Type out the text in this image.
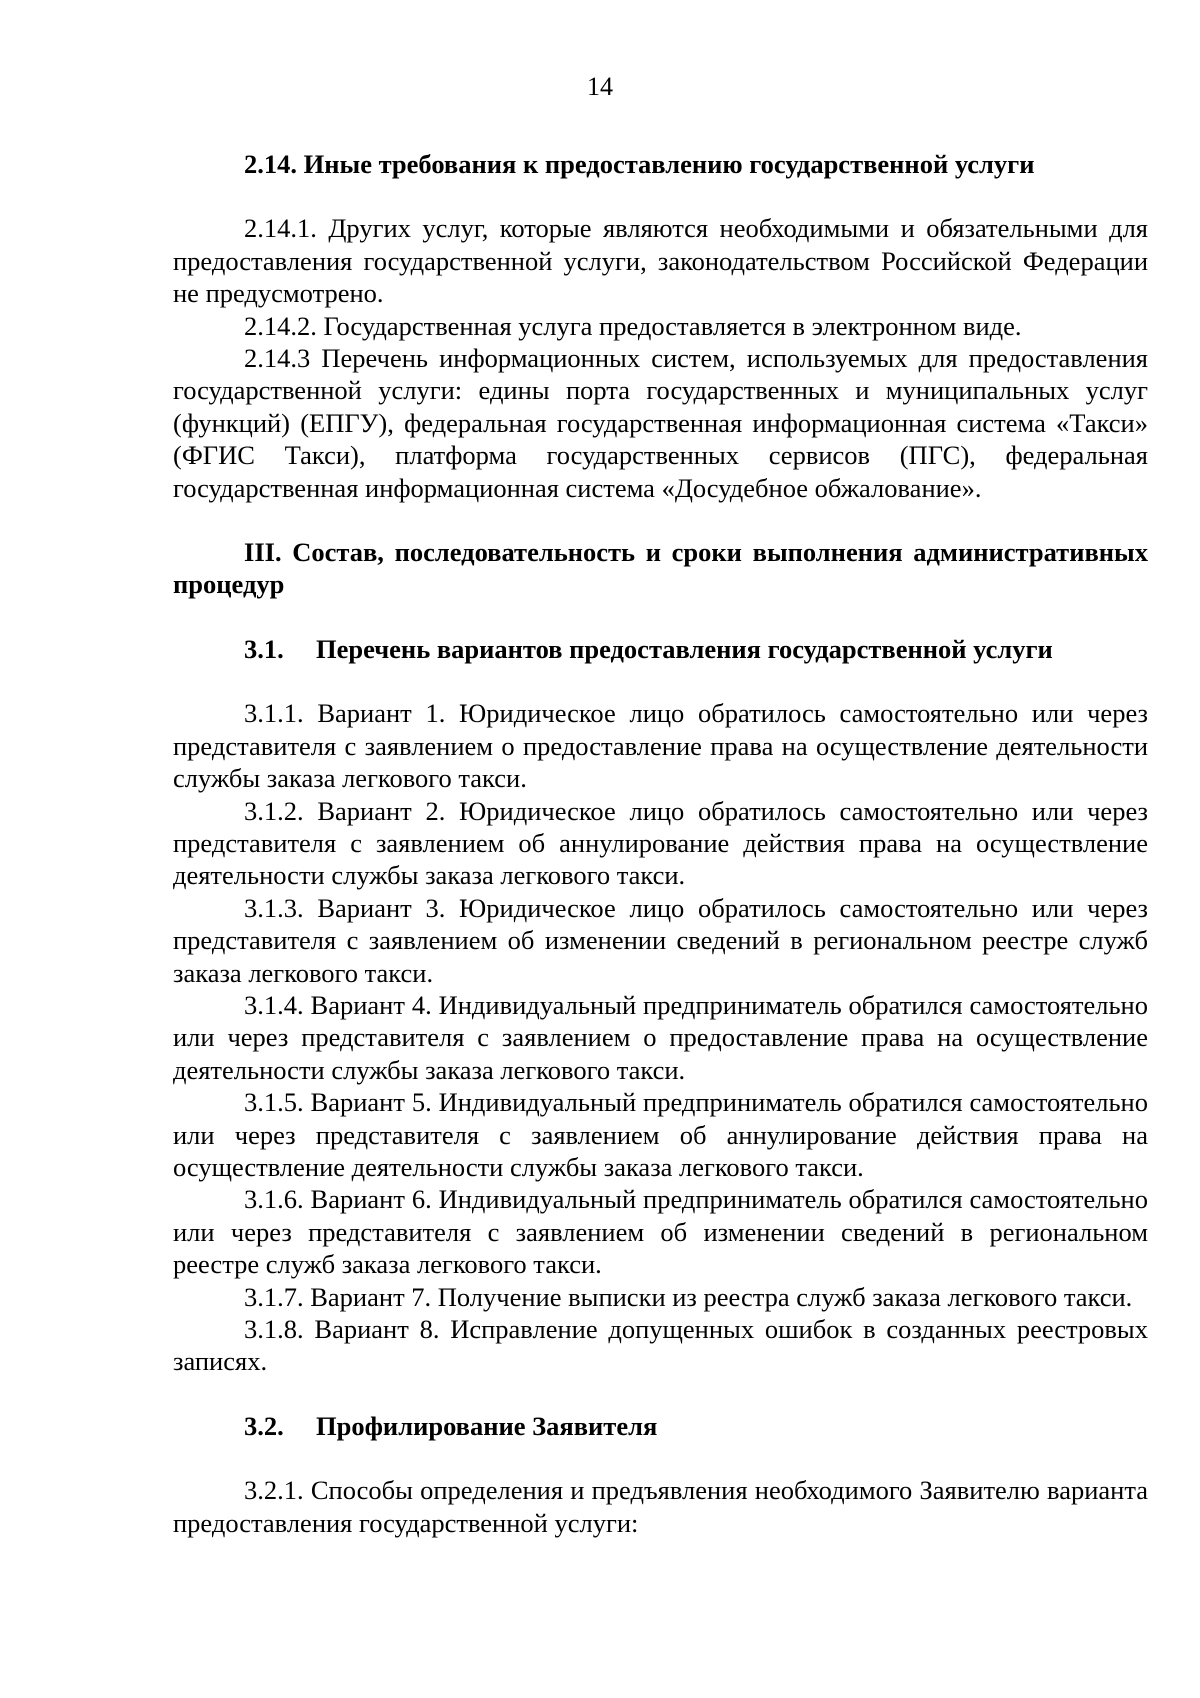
14

2.14. Иные требования к предоставлению государственной услуги

2.14.1. Других услуг, которые являются необходимыми и обязательными для предоставления государственной услуги, законодательством Российской Федерации не предусмотрено.

2.14.2. Государственная услуга предоставляется в электронном виде.

2.14.3 Перечень информационных систем, используемых для предоставления государственной услуги: едины порта государственных и муниципальных услуг (функций) (ЕПГУ), федеральная государственная информационная система «Такси» (ФГИС Такси), платформа государственных сервисов (ПГС), федеральная государственная информационная система «Досудебное обжалование».

III. Состав, последовательность и сроки выполнения административных процедур

3.1.	Перечень вариантов предоставления государственной услуги

3.1.1. Вариант 1. Юридическое лицо обратилось самостоятельно или через представителя с заявлением о предоставление права на осуществление деятельности службы заказа легкового такси.

3.1.2. Вариант 2. Юридическое лицо обратилось самостоятельно или через представителя с заявлением об аннулирование действия права на осуществление деятельности службы заказа легкового такси.

3.1.3. Вариант 3. Юридическое лицо обратилось самостоятельно или через представителя с заявлением об изменении сведений в региональном реестре служб заказа легкового такси.

3.1.4. Вариант 4. Индивидуальный предприниматель обратился самостоятельно или через представителя с заявлением о предоставление права на осуществление деятельности службы заказа легкового такси.

3.1.5. Вариант 5. Индивидуальный предприниматель обратился самостоятельно или через представителя с заявлением об аннулирование действия права на осуществление деятельности службы заказа легкового такси.

3.1.6. Вариант 6. Индивидуальный предприниматель обратился самостоятельно или через представителя с заявлением об изменении сведений в региональном реестре служб заказа легкового такси.

3.1.7. Вариант 7. Получение выписки из реестра служб заказа легкового такси.

3.1.8. Вариант 8. Исправление допущенных ошибок в созданных реестровых записях.

3.2.	Профилирование Заявителя

3.2.1. Способы определения и предъявления необходимого Заявителю варианта предоставления государственной услуги:
